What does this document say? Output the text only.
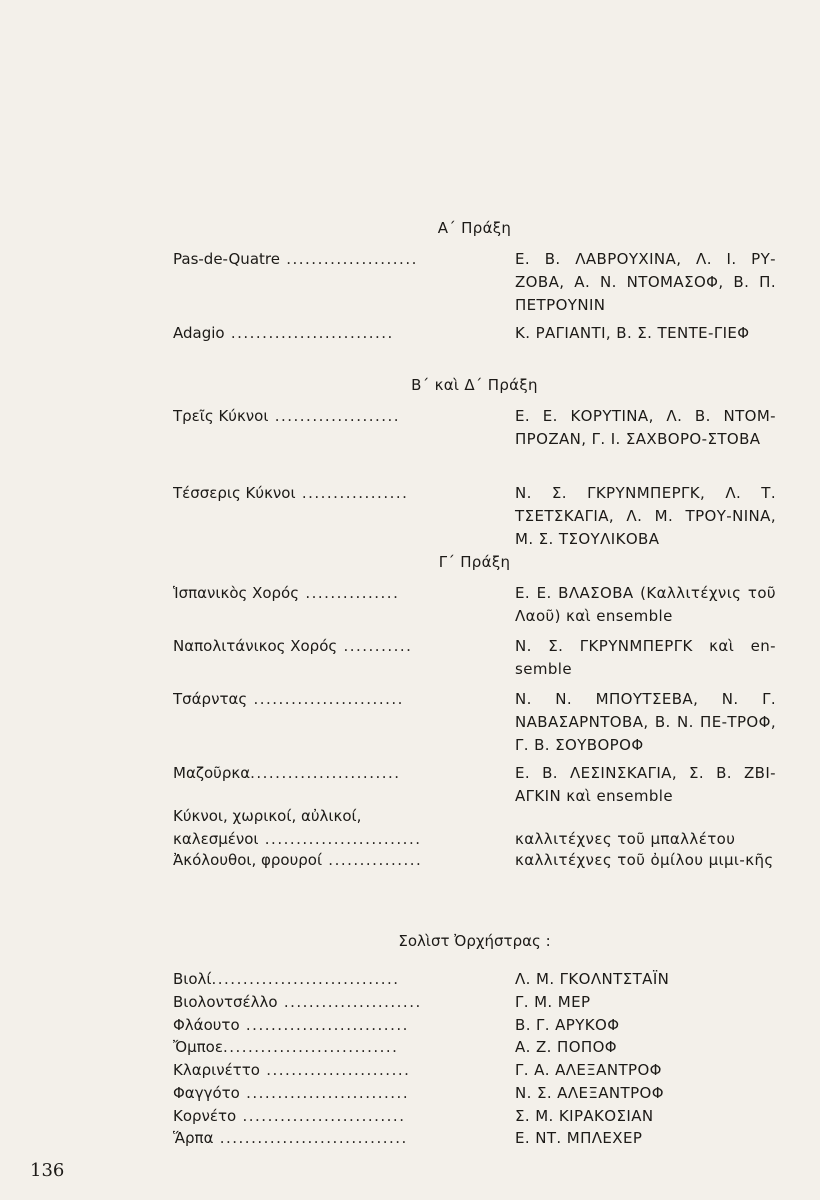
Α΄ Πράξη
Pas-de-Quatre .....................	Ε. Β. ΛΑΒΡΟΥΧΙΝΑ, Λ. Ι. ΡΥ-ΖΟΒΑ, Α. Ν. ΝΤΟΜΑΣΟΦ, Β. Π. ΠΕΤΡΟΥΝΙΝ
Adagio ..........................	Κ. ΡΑΓΙΑΝΤΙ, Β. Σ. ΤΕΝΤΕ-ΓΙΕΦ
Β΄ καὶ Δ΄ Πράξη
Τρεῖς Κύκνοι ....................	Ε. Ε. ΚΟΡΥΤΙΝΑ, Λ. Β. ΝΤΟΜ-ΠΡΟΖΑΝ, Γ. Ι. ΣΑΧΒΟΡΟ-ΣΤΟΒΑ
Τέσσερις Κύκνοι .................	Ν. Σ. ΓΚΡΥΝΜΠΕΡΓΚ, Λ. Τ. ΤΣΕΤΣΚΑΓΙΑ, Λ. Μ. ΤΡΟΥ-ΝΙΝΑ, Μ. Σ. ΤΣΟΥΛΙΚΟΒΑ
Γ΄ Πράξη
Ἱσπανικὸς Χορός ...............	Ε. Ε. ΒΛΑΣΟΒΑ (Καλλιτέχνις τοῦ Λαοῦ) καὶ ensemble
Ναπολιτάνικος Χορός ...........	Ν. Σ. ΓΚΡΥΝΜΠΕΡΓΚ καὶ en-semble
Τσάρντας ........................	Ν. Ν. ΜΠΟΥΤΣΕΒΑ, Ν. Γ. ΝΑΒΑΣΑΡΝΤΟΒΑ, Β. Ν. ΠΕ-ΤΡΟΦ, Γ. Β. ΣΟΥΒΟΡΟΦ
Μαζοῦρκα........................	Ε. Β. ΛΕΣΙΝΣΚΑΓΙΑ, Σ. Β. ΖΒΙ-ΑΓΚΙΝ καὶ ensemble
Κύκνοι, χωρικοί, αὐλικοί,
καλεσμένοι .........................	καλλιτέχνες τοῦ μπαλλέτου
Ἀκόλουθοι, φρουροί ...............	καλλιτέχνες τοῦ ὀμίλου μιμι-κῆς
Σολὶστ Ὀρχήστρας :
Βιολί..............................	Λ. Μ. ΓΚΟΛΝΤΣΤΑΪΝ
Βιολοντσέλλο ......................	Γ. Μ. ΜΕΡ
Φλάουτο ..........................	Β. Γ. ΑΡΥΚΟΦ
Ὄμποε............................	Α. Ζ. ΠΟΠΟΦ
Κλαρινέττο .......................	Γ. Α. ΑΛΕΞΑΝΤΡΟΦ
Φαγγότο ..........................	Ν. Σ. ΑΛΕΞΑΝΤΡΟΦ
Κορνέτο ..........................	Σ. Μ. ΚΙΡΑΚΟΣΙΑΝ
Ἅρπα ..............................	Ε. ΝΤ. ΜΠΛΕΧΕΡ
136
